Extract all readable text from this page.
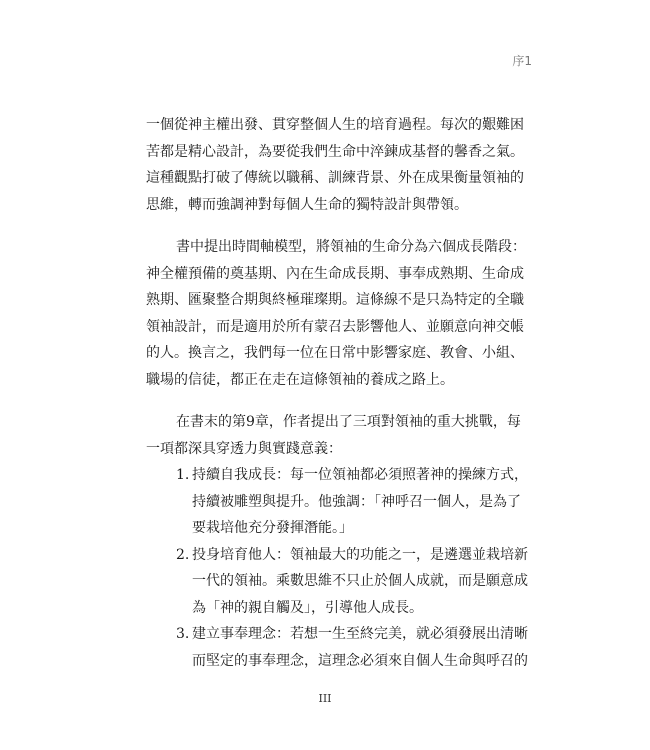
序1
一個從神主權出發、貫穿整個人生的培育過程。每次的艱難困
苦都是精心設計，為要從我們生命中淬鍊成基督的馨香之氣。
這種觀點打破了傳統以職稱、訓練背景、外在成果衡量領袖的
思維，轉而強調神對每個人生命的獨特設計與帶領。
書中提出時間軸模型，將領袖的生命分為六個成長階段：
神全權預備的奠基期、內在生命成長期、事奉成熟期、生命成
熟期、匯聚整合期與終極璀璨期。這條線不是只為特定的全職
領袖設計，而是適用於所有蒙召去影響他人、並願意向神交帳
的人。換言之，我們每一位在日常中影響家庭、教會、小組、
職場的信徒，都正在走在這條領袖的養成之路上。
在書末的第9章，作者提出了三項對領袖的重大挑戰，每
一項都深具穿透力與實踐意義：
1. 持續自我成長：每一位領袖都必須照著神的操練方式，
持續被雕塑與提升。他強調：「神呼召一個人，是為了
要栽培他充分發揮潛能。」
2. 投身培育他人：領袖最大的功能之一，是遴選並栽培新
一代的領袖。乘數思維不只止於個人成就，而是願意成
為「神的親自觸及」，引導他人成長。
3. 建立事奉理念：若想一生至終完美，就必須發展出清晰
而堅定的事奉理念，這理念必須來自個人生命與呼召的
III
